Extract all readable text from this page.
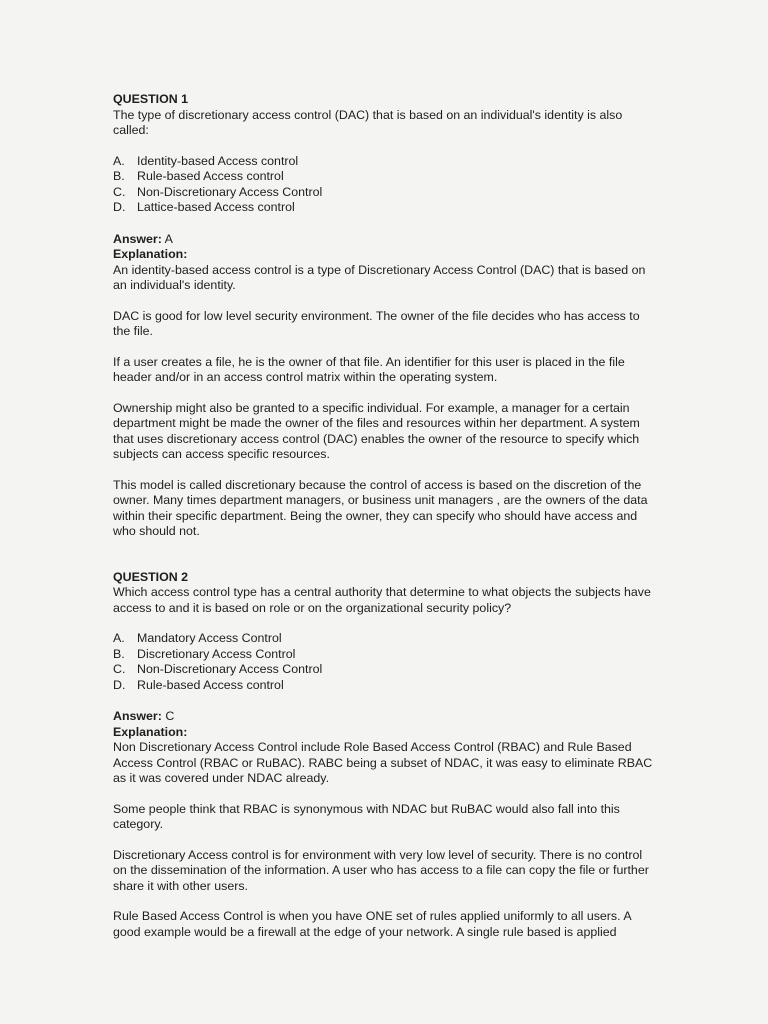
QUESTION 1

The type of discretionary access control (DAC) that is based on an individual's identity is also called:

A. Identity-based Access control
B. Rule-based Access control
C. Non-Discretionary Access Control
D. Lattice-based Access control

Answer: A

Explanation:

An identity-based access control is a type of Discretionary Access Control (DAC) that is based on an individual's identity.

DAC is good for low level security environment. The owner of the file decides who has access to the file.

If a user creates a file, he is the owner of that file. An identifier for this user is placed in the file header and/or in an access control matrix within the operating system.

Ownership might also be granted to a specific individual. For example, a manager for a certain department might be made the owner of the files and resources within her department. A system that uses discretionary access control (DAC) enables the owner of the resource to specify which subjects can access specific resources.

This model is called discretionary because the control of access is based on the discretion of the owner. Many times department managers, or business unit managers , are the owners of the data within their specific department. Being the owner, they can specify who should have access and who should not.

QUESTION 2

Which access control type has a central authority that determine to what objects the subjects have access to and it is based on role or on the organizational security policy?

A. Mandatory Access Control
B. Discretionary Access Control
C. Non-Discretionary Access Control
D. Rule-based Access control

Answer: C

Explanation:

Non Discretionary Access Control include Role Based Access Control (RBAC) and Rule Based Access Control (RBAC or RuBAC). RABC being a subset of NDAC, it was easy to eliminate RBAC as it was covered under NDAC already.

Some people think that RBAC is synonymous with NDAC but RuBAC would also fall into this category.

Discretionary Access control is for environment with very low level of security. There is no control on the dissemination of the information. A user who has access to a file can copy the file or further share it with other users.

Rule Based Access Control is when you have ONE set of rules applied uniformly to all users. A good example would be a firewall at the edge of your network. A single rule based is applied
